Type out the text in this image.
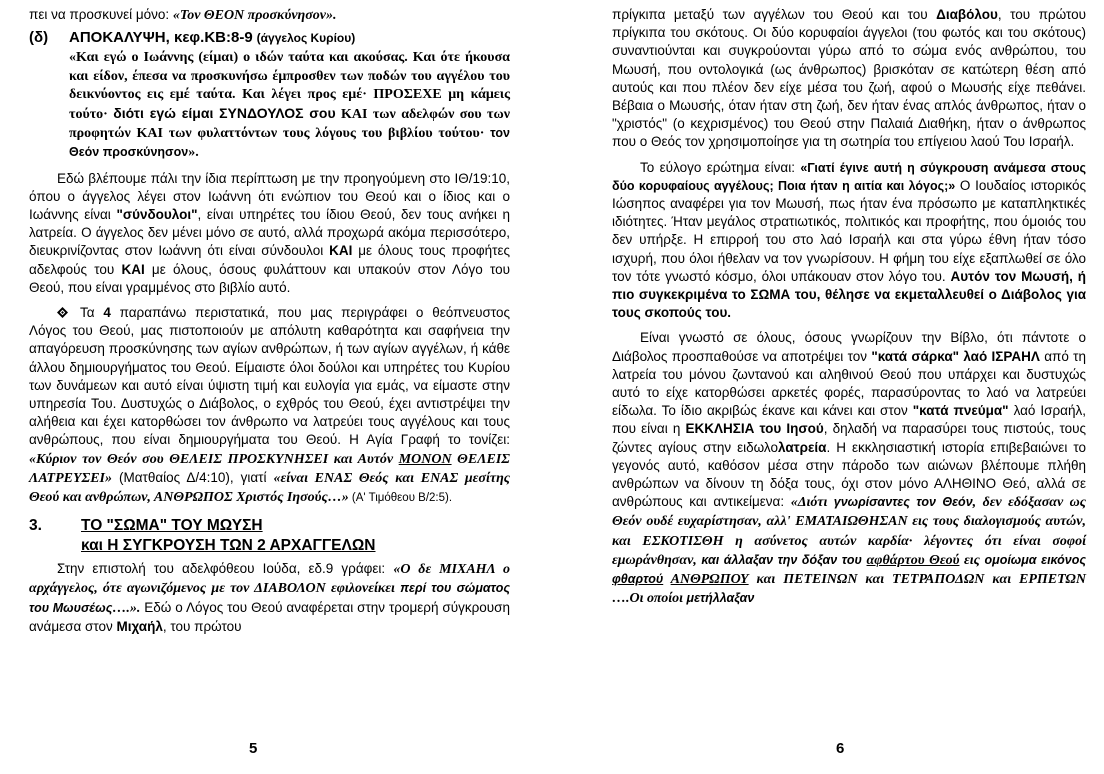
πει να προσκυνεί μόνο: «Τον ΘΕΟΝ προσκύνησον».

(δ)	ΑΠΟΚΑΛΥΨΗ, κεφ.ΚΒ:8-9 (άγγελος Κυρίου)

«Και εγώ ο Ιωάννης (είμαι) ο ιδών ταύτα και ακούσας. Και ότε ήκουσα και είδον, έπεσα να προσκυνήσω έμπροσθεν των ποδών του αγγέλου του δεικνύοντος εις εμέ ταύτα. Και λέγει προς εμέ· ΠΡΟΣΕΧΕ μη κάμεις τούτο· διότι εγώ είμαι ΣΥΝΔΟΥΛΟΣ σου ΚΑΙ των αδελφών σου των προφητών ΚΑΙ των φυλαττόντων τους λόγους του βιβλίου τούτου· τον Θεόν προσκύνησον».

Εδώ βλέπουμε πάλι την ίδια περίπτωση με την προηγούμενη στο ΙΘ/19:10, όπου ο άγγελος λέγει στον Ιωάννη ότι ενώπιον του Θεού και ο ίδιος και ο Ιωάννης είναι "σύνδουλοι", είναι υπηρέτες του ίδιου Θεού, δεν τους ανήκει η λατρεία. Ο άγγελος δεν μένει μόνο σε αυτό, αλλά προχωρά ακόμα περισσότερο, διευκρινίζοντας στον Ιωάννη ότι είναι σύνδουλοι ΚΑΙ με όλους τους προφήτες αδελφούς του ΚΑΙ με όλους, όσους φυλάττουν και υπακούν στον Λόγο του Θεού, που είναι γραμμένος στο βιβλίο αυτό.

Τα 4 παραπάνω περιστατικά, που μας περιγράφει ο θεόπνευστος Λόγος του Θεού, μας πιστοποιούν με απόλυτη καθαρότητα και σαφήνεια την απαγόρευση προσκύνησης των αγίων ανθρώπων, ή των αγίων αγγέλων, ή κάθε άλλου δημιουργήματος του Θεού. Είμαιστε όλοι δούλοι και υπηρέτες του Κυρίου των δυνάμεων και αυτό είναι ύψιστη τιμή και ευλογία για εμάς, να είμαστε στην υπηρεσία Του. Δυστυχώς ο Διάβολος, ο εχθρός του Θεού, έχει αντιστρέψει την αλήθεια και έχει κατορθώσει τον άνθρωπο να λατρεύει τους αγγέλους και τους ανθρώπους, που είναι δημιουργήματα του Θεού. Η Αγία Γραφή το τονίζει: «Κύριον τον Θεόν σου ΘΕΛΕΙΣ ΠΡΟΣΚΥΝΗΣΕΙ και Αυτόν ΜΟΝΟΝ ΘΕΛΕΙΣ ΛΑΤΡΕΥΣΕΙ» (Ματθαίος Δ/4:10), γιατί «είναι ΕΝΑΣ Θεός και ΕΝΑΣ μεσίτης Θεού και ανθρώπων, ΑΝΘΡΩΠΟΣ Χριστός Ιησούς…» (Α' Τιμόθεου Β/2:5).

3.	ΤΟ "ΣΩΜΑ" ΤΟΥ ΜΩΥΣΗ
και Η ΣΥΓΚΡΟΥΣΗ ΤΩΝ 2 ΑΡΧΑΓΓΕΛΩΝ

Στην επιστολή του αδελφόθεου Ιούδα, εδ.9 γράφει: «Ο δε ΜΙΧΑΗΛ ο αρχάγγελος, ότε αγωνιζόμενος με τον ΔΙΑΒΟΛΟΝ εφιλονείκει περί του σώματος του Μωυσέως….». Εδώ ο Λόγος του Θεού αναφέρεται στην τρομερή σύγκρουση ανάμεσα στον Μιχαήλ, του πρώτου

5

πρίγκιπα μεταξύ των αγγέλων του Θεού και του Διαβόλου, του πρώτου πρίγκιπα του σκότους. Οι δύο κορυφαίοι άγγελοι (του φωτός και του σκότους) συναντιούνται και συγκρούονται γύρω από το σώμα ενός ανθρώπου, του Μωυσή, που οντολογικά (ως άνθρωπος) βρισκόταν σε κατώτερη θέση από αυτούς και που πλέον δεν είχε μέσα του ζωή, αφού ο Μωυσής είχε πεθάνει. Βέβαια ο Μωυσής, όταν ήταν στη ζωή, δεν ήταν ένας απλός άνθρωπος, ήταν ο "χριστός" (ο κεχρισμένος) του Θεού στην Παλαιά Διαθήκη, ήταν ο άνθρωπος που ο Θεός τον χρησιμοποίησε για τη σωτηρία του επίγειου λαού Του Ισραήλ.

Το εύλογο ερώτημα είναι: «Γιατί έγινε αυτή η σύγκρουση ανάμεσα στους δύο κορυφαίους αγγέλους; Ποια ήταν η αιτία και λόγος;» Ο Ιουδαίος ιστορικός Ιώσηπος αναφέρει για τον Μωυσή, πως ήταν ένα πρόσωπο με καταπληκτικές ιδιότητες. Ήταν μεγάλος στρατιωτικός, πολιτικός και προφήτης, που όμοιός του δεν υπήρξε. Η επιρροή του στο λαό Ισραήλ και στα γύρω έθνη ήταν τόσο ισχυρή, που όλοι ήθελαν να τον γνωρίσουν. Η φήμη του είχε εξαπλωθεί σε όλο τον τότε γνωστό κόσμο, όλοι υπάκουαν στον λόγο του. Αυτόν τον Μωυσή, ή πιο συγκεκριμένα το ΣΩΜΑ του, θέλησε να εκμεταλλευθεί ο Διάβολος για τους σκοπούς του.

Είναι γνωστό σε όλους, όσους γνωρίζουν την Βίβλο, ότι πάντοτε ο Διάβολος προσπαθούσε να αποτρέψει τον "κατά σάρκα" λαό ΙΣΡΑΗΛ από τη λατρεία του μόνου ζωντανού και αληθινού Θεού που υπάρχει και δυστυχώς αυτό το είχε κατορθώσει αρκετές φορές, παρασύροντας το λαό να λατρεύει είδωλα. Το ίδιο ακριβώς έκανε και κάνει και στον "κατά πνεύμα" λαό Ισραήλ, που είναι η ΕΚΚΛΗΣΙΑ του Ιησού, δηλαδή να παρασύρει τους πιστούς, τους ζώντες αγίους στην ειδωλολατρεία. Η εκκλησιαστική ιστορία επιβεβαιώνει το γεγονός αυτό, καθόσον μέσα στην πάροδο των αιώνων βλέπουμε πλήθη ανθρώπων να δίνουν τη δόξα τους, όχι στον μόνο ΑΛΗΘΙΝΟ Θεό, αλλά σε ανθρώπους και αντικείμενα: «Διότι γνωρίσαντες τον Θεόν, δεν εδόξασαν ως Θεόν ουδέ ευχαρίστησαν, αλλ' ΕΜΑΤΑΙΩΘΗΣΑΝ εις τους διαλογισμούς αυτών, και ΕΣΚΟΤΙΣΘΗ η ασύνετος αυτών καρδία· λέγοντες ότι είναι σοφοί εμωράνθησαν, και άλλαξαν την δόξαν του αφθάρτου Θεού εις ομοίωμα εικόνος φθαρτού ΑΝΘΡΩΠΟΥ και ΠΕΤΕΙΝΩΝ και ΤΕΤΡΑΠΟΔΩΝ και ΕΡΠΕΤΩΝ ….Οι οποίοι μετήλλαξαν

6
